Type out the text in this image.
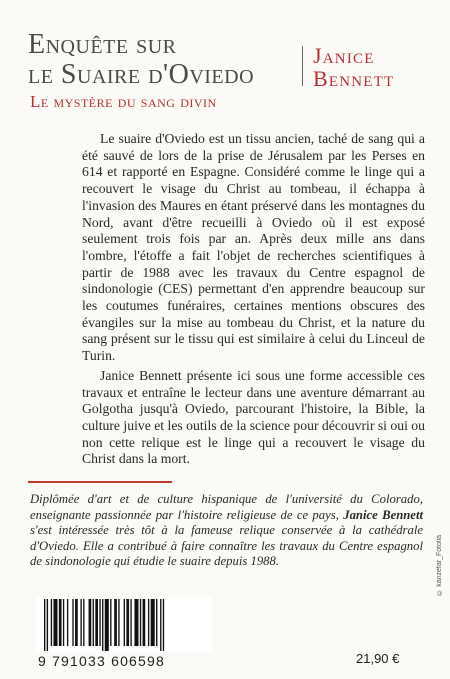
Enquête sur
le Suaire d'Oviedo
Janice
Bennett
Le mystère du sang divin

Le suaire d'Oviedo est un tissu ancien, taché de sang qui a été sauvé de lors de la prise de Jérusalem par les Perses en 614 et rapporté en Espagne. Considéré comme le linge qui a recouvert le visage du Christ au tombeau, il échappa à l'invasion des Maures en étant préservé dans les montagnes du Nord, avant d'être recueilli à Oviedo où il est exposé seulement trois fois par an. Après deux mille ans dans l'ombre, l'étoffe a fait l'objet de recherches scientifiques à partir de 1988 avec les travaux du Centre espagnol de sindonologie (CES) permettant d'en apprendre beaucoup sur les coutumes funéraires, certaines mentions obscures des évangiles sur la mise au tombeau du Christ, et la nature du sang présent sur le tissu qui est similaire à celui du Linceul de Turin.

Janice Bennett présente ici sous une forme accessible ces travaux et entraîne le lecteur dans une aventure démarrant au Golgotha jusqu'à Oviedo, parcourant l'histoire, la Bible, la culture juive et les outils de la science pour découvrir si oui ou non cette relique est le linge qui a recouvert le visage du Christ dans la mort.

Diplômée d'art et de culture hispanique de l'université du Colorado, enseignante passionnée par l'histoire religieuse de ce pays, Janice Bennett s'est intéressée très tôt à la fameuse relique conservée à la cathédrale d'Oviedo. Elle a contribué à faire connaître les travaux du Centre espagnol de sindonologie qui étudie le suaire depuis 1988.	© kanzefar_Fotolia
9 791033 606598	21,90 €
